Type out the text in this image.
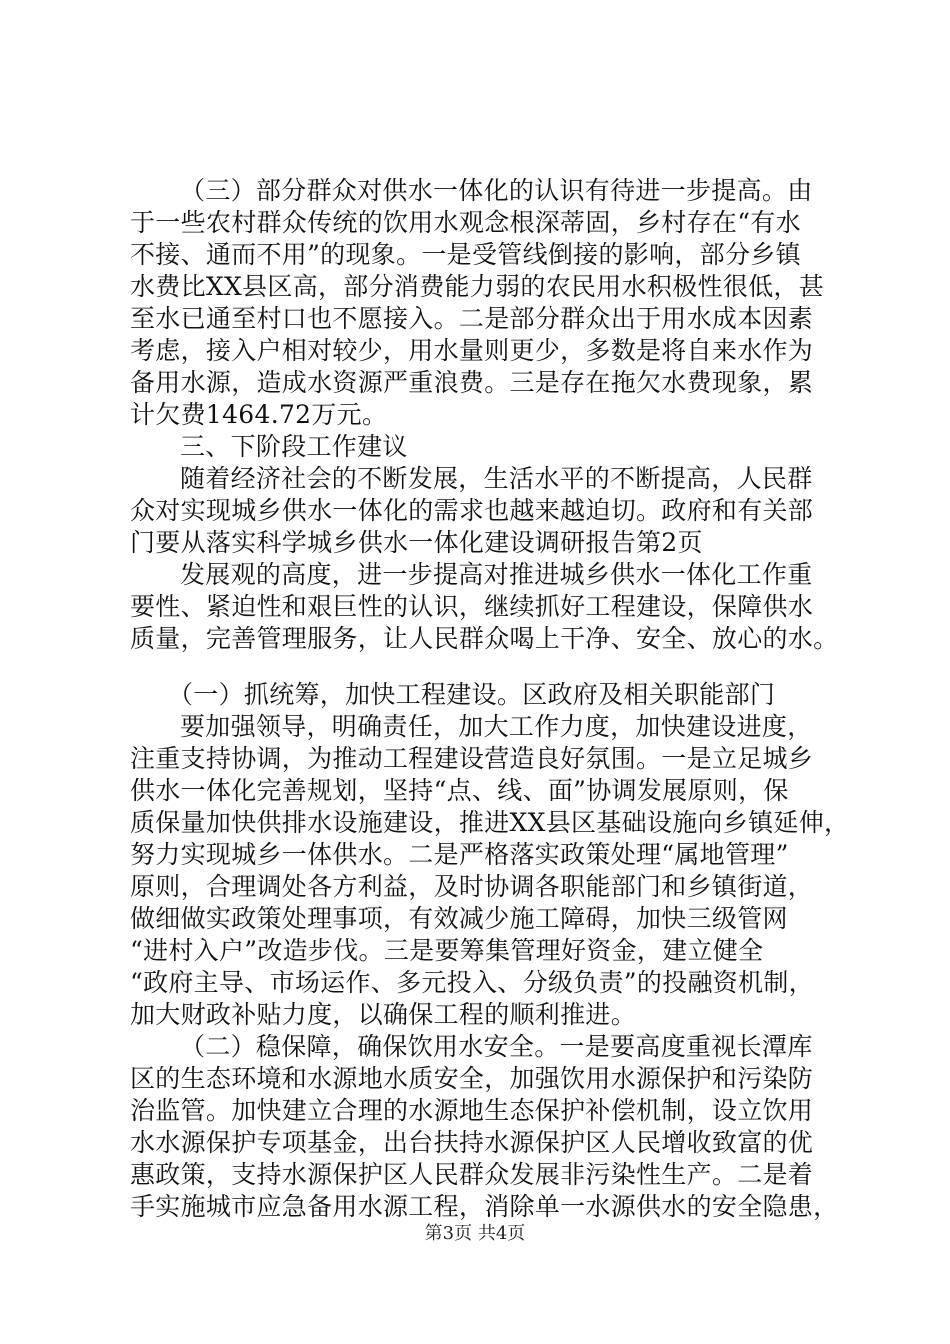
（三）部分群众对供水一体化的认识有待进一步提高。由
于一些农村群众传统的饮用水观念根深蒂固，乡村存在“有水
不接、通而不用”的现象。一是受管线倒接的影响，部分乡镇
水费比XX县区高，部分消费能力弱的农民用水积极性很低，甚
至水已通至村口也不愿接入。二是部分群众出于用水成本因素
考虑，接入户相对较少，用水量则更少，多数是将自来水作为
备用水源，造成水资源严重浪费。三是存在拖欠水费现象，累
计欠费1464.72万元。
三、下阶段工作建议
随着经济社会的不断发展，生活水平的不断提高，人民群
众对实现城乡供水一体化的需求也越来越迫切。政府和有关部
门要从落实科学城乡供水一体化建设调研报告第2页
发展观的高度，进一步提高对推进城乡供水一体化工作重
要性、紧迫性和艰巨性的认识，继续抓好工程建设，保障供水
质量，完善管理服务，让人民群众喝上干净、安全、放心的水。
（一）抓统筹，加快工程建设。区政府及相关职能部门
要加强领导，明确责任，加大工作力度，加快建设进度，
注重支持协调，为推动工程建设营造良好氛围。一是立足城乡
供水一体化完善规划，坚持“点、线、面”协调发展原则，保
质保量加快供排水设施建设，推进XX县区基础设施向乡镇延伸，
努力实现城乡一体供水。二是严格落实政策处理“属地管理”
原则，合理调处各方利益，及时协调各职能部门和乡镇街道，
做细做实政策处理事项，有效减少施工障碍，加快三级管网
“进村入户”改造步伐。三是要筹集管理好资金，建立健全
“政府主导、市场运作、多元投入、分级负责”的投融资机制，
加大财政补贴力度，以确保工程的顺利推进。
（二）稳保障，确保饮用水安全。一是要高度重视长潭库
区的生态环境和水源地水质安全，加强饮用水源保护和污染防
治监管。加快建立合理的水源地生态保护补偿机制，设立饮用
水水源保护专项基金，出台扶持水源保护区人民增收致富的优
惠政策，支持水源保护区人民群众发展非污染性生产。二是着
手实施城市应急备用水源工程，消除单一水源供水的安全隐患，
第3页 共4页
